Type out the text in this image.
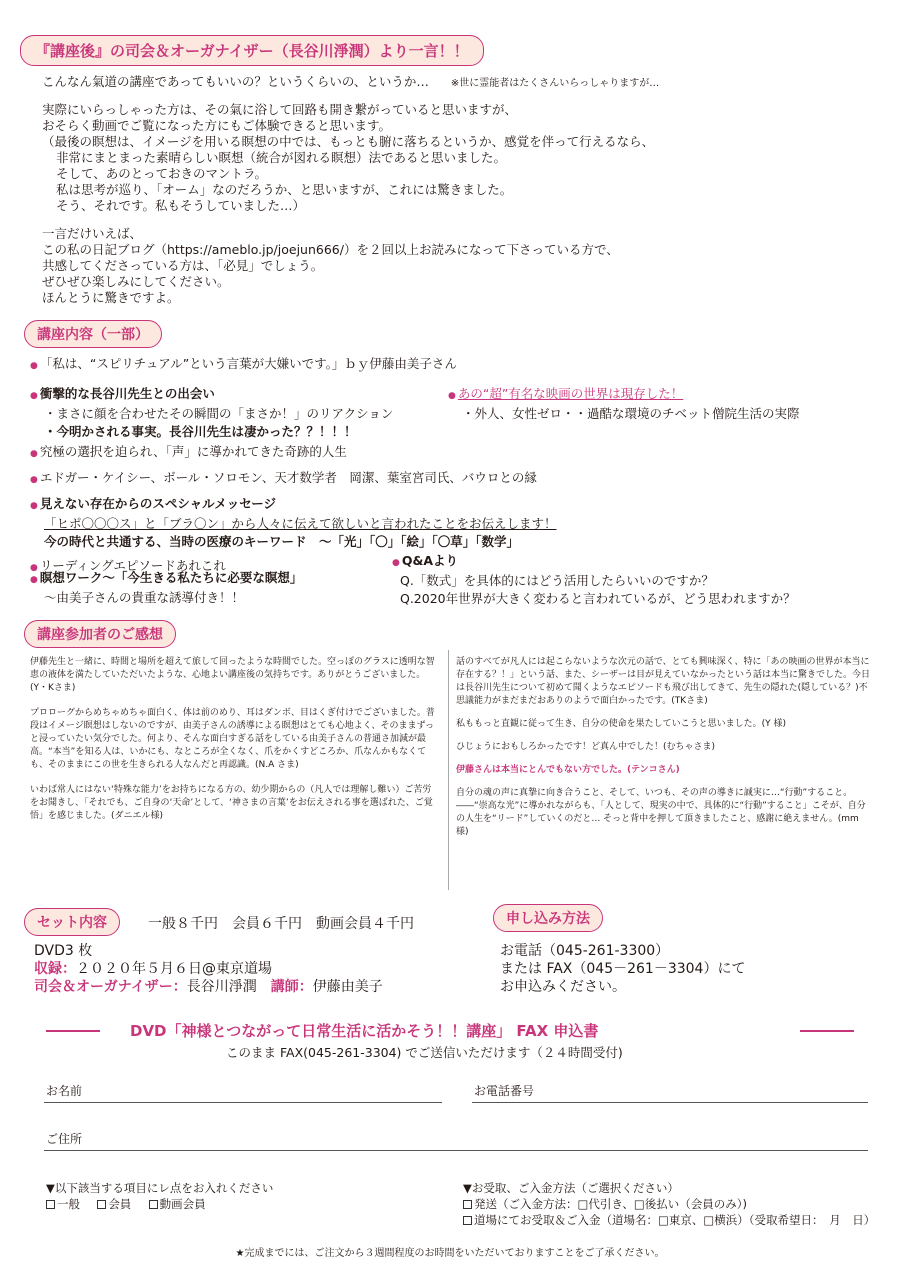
『講座後』の司会＆オーガナイザー（長谷川淨潤）より一言！！
こんなん氣道の講座であってもいいの？というくらいの、というか… ※世に霊能者はたくさんいらっしゃりますが…
実際にいらっしゃった方は、その氣に浴して回路も開き繋がっていると思いますが、
おそらく動画でご覧になった方にもご体験できると思います。
（最後の瞑想は、イメージを用いる瞑想の中では、もっとも腑に落ちるというか、感覚を伴って行えるなら、
非常にまとまった素晴らしい瞑想（統合が図れる瞑想）法であると思いました。
そして、あのとっておきのマントラ。
私は思考が巡り、「オーム」なのだろうか、と思いますが、これには驚きました。
そう、それです。私もそうしていました…）
一言だけいえば、
この私の日記ブログ（https://ameblo.jp/joejun666/）を２回以上お読みになって下さっている方で、
共感してくださっている方は、「必見」でしょう。
ぜひぜひ楽しみにしてください。
ほんとうに驚きですよ。
講座内容（一部）
● 「私は、“スピリチュアル”という言葉が大嫌いです。」ｂｙ伊藤由美子さん
● 衝撃的な長谷川先生との出会い
・まさに顔を合わせたその瞬間の「まさか！」のリアクション
・今明かされる事実。長谷川先生は凄かった？？！！！
● あの“超”有名な映画の世界は現存した！
・外人、女性ゼロ・・過酷な環境のチベット僧院生活の実際
● 究極の選択を迫られ、「声」に導かれてきた奇跡的人生
● エドガー・ケイシー、ボール・ソロモン、天才数学者　岡潔、葉室宮司氏、バウロとの縁
● 見えない存在からのスペシャルメッセージ
「ヒポ〇〇〇ス」と「ブラ〇ン」から人々に伝えて欲しいと言われたことをお伝えします！
今の時代と共通する、当時の医療のキーワード　～「光」「〇」「絵」「〇草」「数学」
● リーディングエピソードあれこれ
● 瞑想ワーク～「今生きる私たちに必要な瞑想」
～由美子さんの貴重な誘導付き！！
● Q&Aより
Q.「数式」を具体的にはどう活用したらいいのですか？
Q.2020年世界が大きく変わると言われているが、どう思われますか？
講座参加者のご感想
伊藤先生と一緒に、時間と場所を超えて旅して回ったような時間でした。空っぽのグラスに透明な智恵の液体を満たしていただいたような、心地よい講座後の気持ちです。ありがとうございました。(Y・Kさま)
プロローグからめちゃめちゃ面白く、体は前のめり、耳はダンボ、目はくぎ付けでございました。普段はイメージ瞑想はしないのですが、由美子さんの誘導による瞑想はとても心地よく、そのままずっと浸っていたい気分でした。何より、そんな面白すぎる話をしている由美子さんの普通さ加減が最高。“本当”を知る人は、いかにも、なところが全くなく、爪をかくすどころか、爪なんかもなくても、そのままにこの世を生きられる人なんだと再認識。(N.A さま)
いわば常人にはない‘特殊な能力’をお持ちになる方の、幼少期からの（凡人では理解し難い）ご苦労をお聞きし、「それでも、ご自身の‘天命’として、‘神さまの言葉’をお伝えされる事を選ばれた、ご覚悟」を感じました。(ダニエル様)
話のすべてが凡人には起こらないような次元の話で、とても興味深く、特に「あの映画の世界が本当に存在する？！」という話、また、シーザーは目が見えていなかったという話は本当に驚きでした。今日は長谷川先生について初めて聞くようなエピソードも飛び出してきて、先生の隠れた(隠している？)不思議能力がまだまだおありのようで面白かったです。(TKさま)
私ももっと直観に従って生き、自分の使命を果たしていこうと思いました。(Y 様)
ひじょうにおもしろかったです！ど真ん中でした！(むちゃさま)
伊藤さんは本当にとんでもない方でした。(テンコさん)
自分の魂の声に真摯に向き合うこと、そして、いつも、その声の導きに誠実に…“行動”すること。――“崇高な光”に導かれながらも、「人として、現実の中で、具体的に“行動”すること」こそが、自分の人生を“リード”していくのだと… そっと背中を押して頂きましたこと、感謝に絶えません。(mm 様)
セット内容	一般８千円　会員６千円　動画会員４千円
DVD3 枚
収録：２０２０年５月６日@東京道場
司会＆オーガナイザー：長谷川淨潤 講師：伊藤由美子
申し込み方法
お電話（045-261-3300）
または FAX（045－261－3304）にて
お申込みください。
DVD「神様とつながって日常生活に活かそう！！講座」 FAX 申込書
このまま FAX(045-261-3304) でご送信いただけます（２４時間受付)
お名前	お電話番号
ご住所
▼以下該当する項目にレ点をお入れください
一般 会員 動画会員
▼お受取、ご入金方法（ご選択ください）
発送（ご入金方法：□代引き、□後払い（会員のみ）)
道場にてお受取＆ご入金（道場名：□東京、□横浜）（受取希望日：　月　日）
★完成までには、ご注文から３週間程度のお時間をいただいておりますことをご了承ください。
